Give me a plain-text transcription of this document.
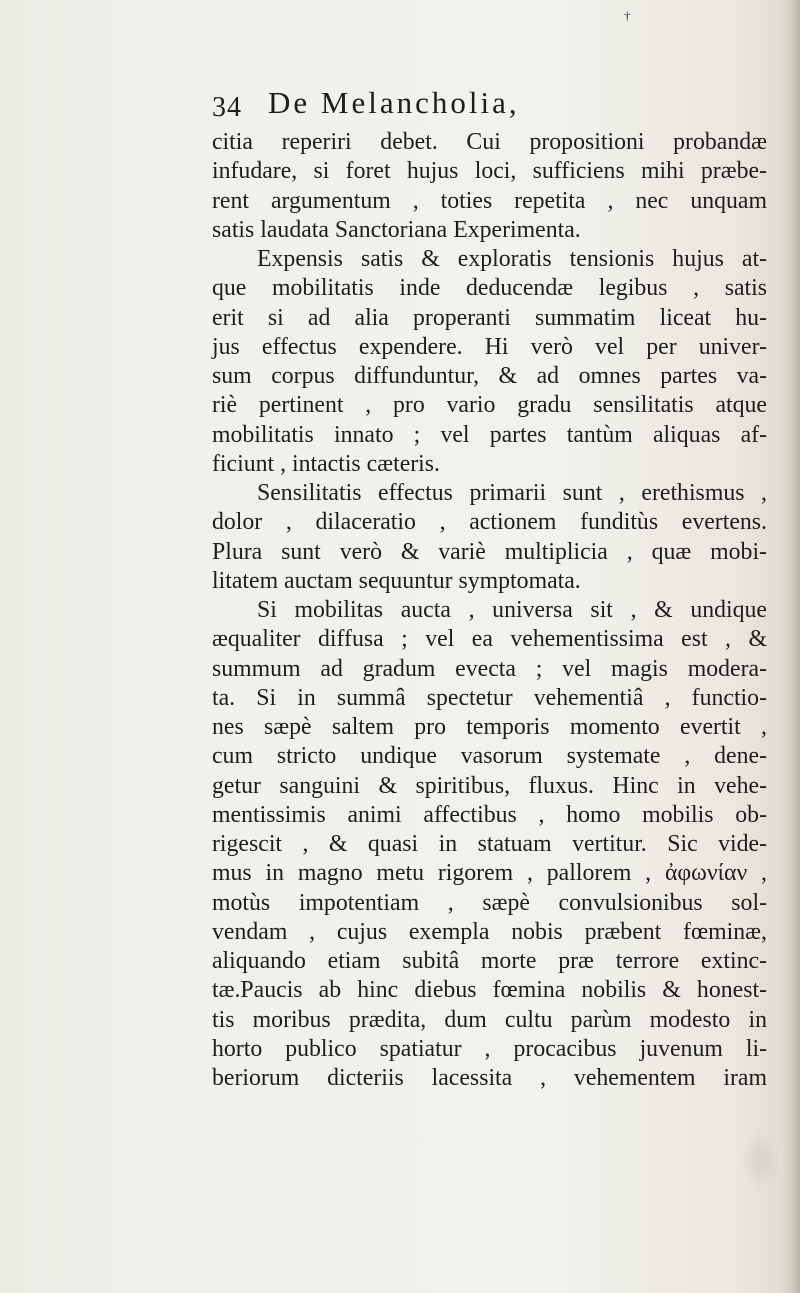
†
34 De Melancholia,
citia reperiri debet. Cui propositioni probandæ
infudare, si foret hujus loci, sufficiens mihi præbe-
rent argumentum , toties repetita , nec unquam
satis laudata Sanctoriana Experimenta.
Expensis satis & exploratis tensionis hujus at-
que mobilitatis inde deducendæ legibus , satis
erit si ad alia properanti summatim liceat hu-
jus effectus expendere. Hi verò vel per univer-
sum corpus diffunduntur, & ad omnes partes va-
riè pertinent , pro vario gradu sensilitatis atque
mobilitatis innato ; vel partes tantùm aliquas af-
ficiunt , intactis cæteris.
Sensilitatis effectus primarii sunt , erethismus ,
dolor , dilaceratio , actionem funditùs evertens.
Plura sunt verò & variè multiplicia , quæ mobi-
litatem auctam sequuntur symptomata.
Si mobilitas aucta , universa sit , & undique
æqualiter diffusa ; vel ea vehementissima est , &
summum ad gradum evecta ; vel magis modera-
ta. Si in summâ spectetur vehementiâ , functio-
nes sæpè saltem pro temporis momento evertit ,
cum stricto undique vasorum systemate , dene-
getur sanguini & spiritibus, fluxus. Hinc in vehe-
mentissimis animi affectibus , homo mobilis ob-
rigescit , & quasi in statuam vertitur. Sic vide-
mus in magno metu rigorem , pallorem , ἀφωνίαν ,
motùs impotentiam , sæpè convulsionibus sol-
vendam , cujus exempla nobis præbent fœminæ,
aliquando etiam subitâ morte præ terrore extinc-
tæ.Paucis ab hinc diebus fœmina nobilis & honest-
tis moribus prædita, dum cultu parùm modesto in
horto publico spatiatur , procacibus juvenum li-
beriorum dicteriis lacessita , vehementem iram
